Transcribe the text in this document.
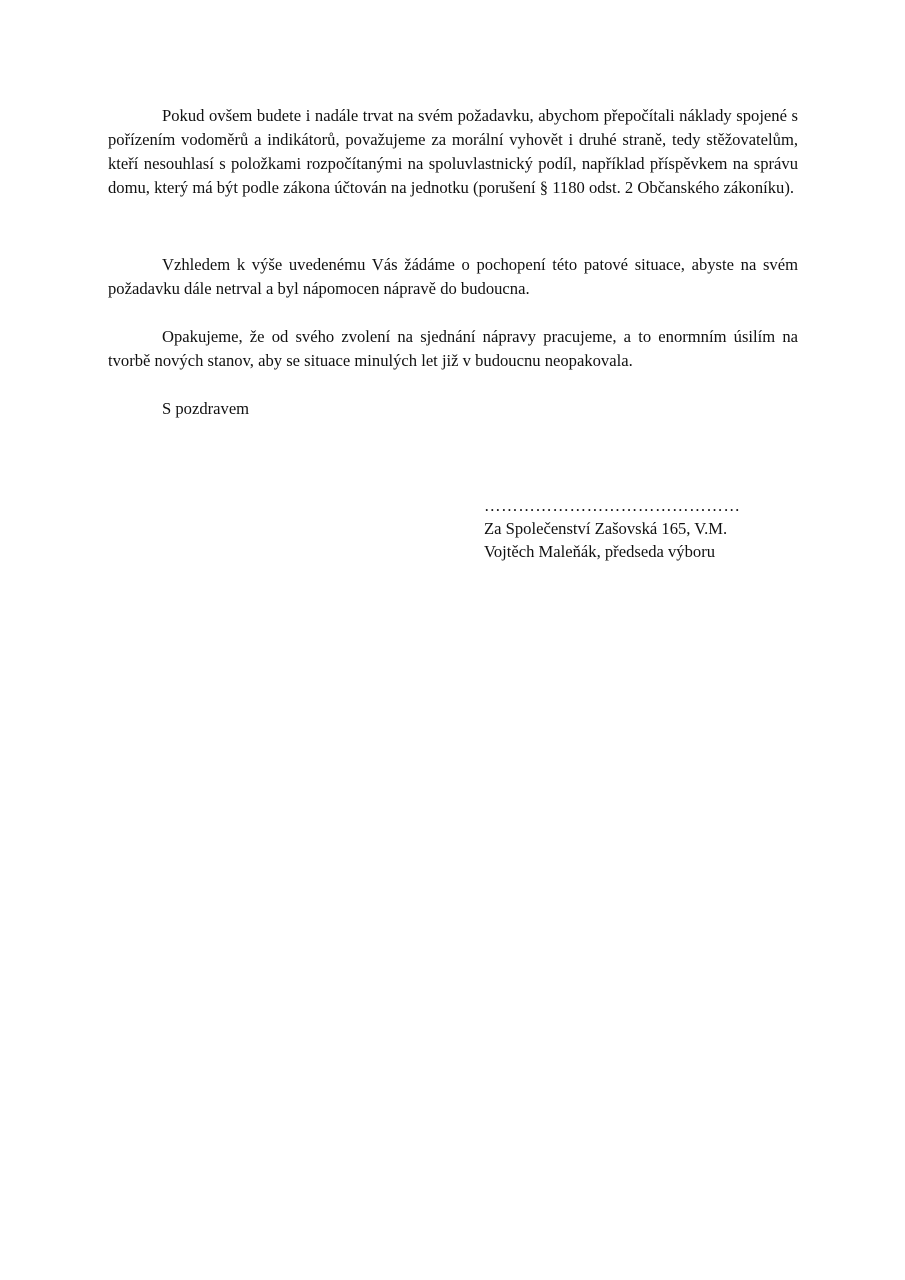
Pokud ovšem budete i nadále trvat na svém požadavku, abychom přepočítali náklady spojené s pořízením vodoměrů a indikátorů, považujeme za morální vyhovět i druhé straně, tedy stěžovatelům, kteří nesouhlasí s položkami rozpočítanými na spoluvlastnický podíl, například příspěvkem na správu domu, který má být podle zákona účtován na jednotku (porušení § 1180 odst. 2 Občanského zákoníku).

Vzhledem k výše uvedenému Vás žádáme o pochopení této patové situace, abyste na svém požadavku dále netrval a byl nápomocen nápravě do budoucna.

Opakujeme, že od svého zvolení na sjednání nápravy pracujeme, a to enormním úsilím na tvorbě nových stanov, aby se situace minulých let již v budoucnu neopakovala.

S pozdravem

………………………………………

Za Společenství Zašovská 165, V.M.

Vojtěch Maleňák, předseda výboru
